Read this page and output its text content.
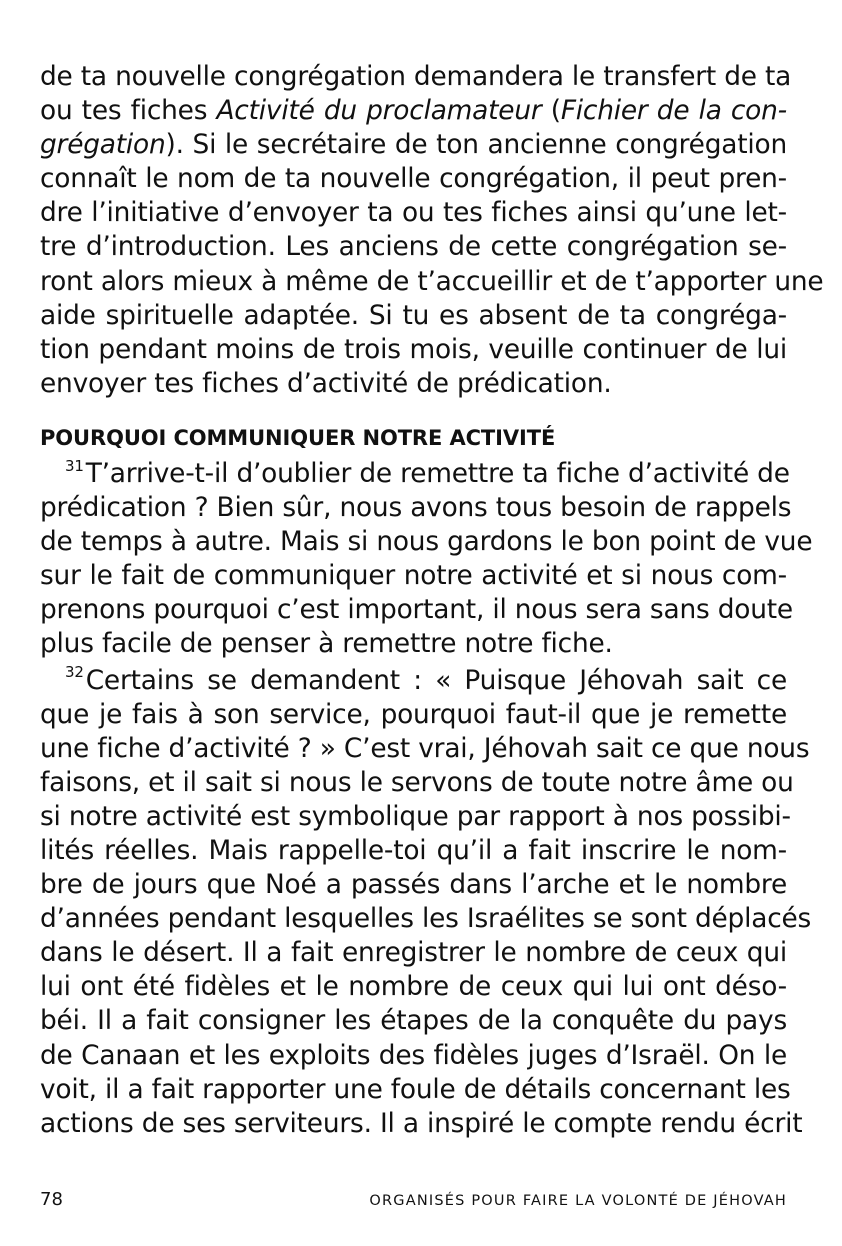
de ta nouvelle congrégation demandera le transfert de ta
ou tes fiches Activité du proclamateur (Fichier de la con-
grégation). Si le secrétaire de ton ancienne congrégation
connaît le nom de ta nouvelle congrégation, il peut pren-
dre l’initiative d’envoyer ta ou tes fiches ainsi qu’une let-
tre d’introduction. Les anciens de cette congrégation se-
ront alors mieux à même de t’accueillir et de t’apporter une
aide spirituelle adaptée. Si tu es absent de ta congréga-
tion pendant moins de trois mois, veuille continuer de lui
envoyer tes fiches d’activité de prédication.
POURQUOI COMMUNIQUER NOTRE ACTIVITÉ
$^{31}$T’arrive-t-il d’oublier de remettre ta fiche d’activité de
prédication ? Bien sûr, nous avons tous besoin de rappels
de temps à autre. Mais si nous gardons le bon point de vue
sur le fait de communiquer notre activité et si nous com-
prenons pourquoi c’est important, il nous sera sans doute
plus facile de penser à remettre notre fiche.
$^{32}$Certains se demandent : « Puisque Jéhovah sait ce
que je fais à son service, pourquoi faut-il que je remette
une fiche d’activité ? » C’est vrai, Jéhovah sait ce que nous
faisons, et il sait si nous le servons de toute notre âme ou
si notre activité est symbolique par rapport à nos possibi-
lités réelles. Mais rappelle-toi qu’il a fait inscrire le nom-
bre de jours que Noé a passés dans l’arche et le nombre
d’années pendant lesquelles les Israélites se sont déplacés
dans le désert. Il a fait enregistrer le nombre de ceux qui
lui ont été fidèles et le nombre de ceux qui lui ont déso-
béi. Il a fait consigner les étapes de la conquête du pays
de Canaan et les exploits des fidèles juges d’Israël. On le
voit, il a fait rapporter une foule de détails concernant les
actions de ses serviteurs. Il a inspiré le compte rendu écrit
78	ORGANISÉS POUR FAIRE LA VOLONTÉ DE JÉHOVAH
